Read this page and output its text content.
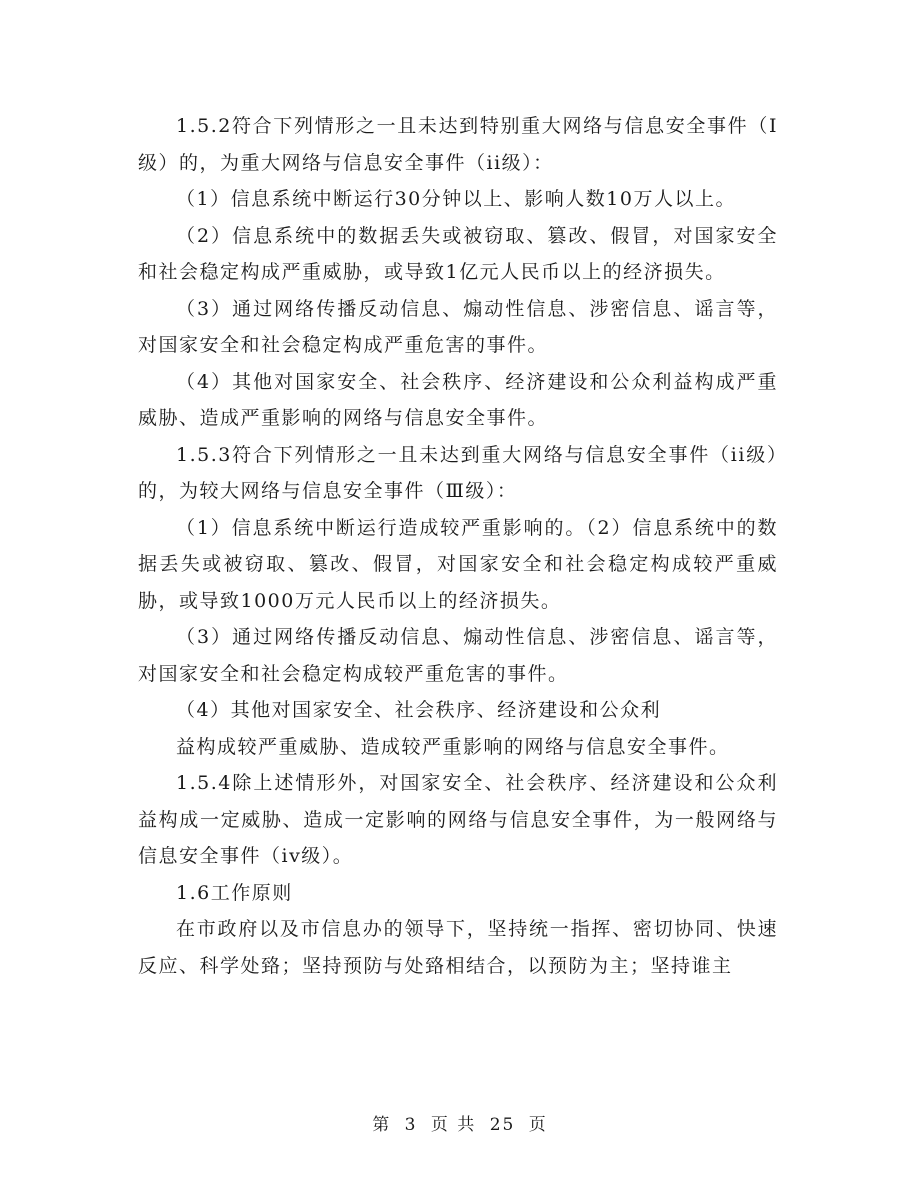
1.5.2符合下列情形之一且未达到特别重大网络与信息安全事件（Ⅰ级）的，为重大网络与信息安全事件（ii级）：

（1）信息系统中断运行30分钟以上、影响人数10万人以上。

（2）信息系统中的数据丢失或被窃取、篡改、假冒，对国家安全和社会稳定构成严重威胁，或导致1亿元人民币以上的经济损失。

（3）通过网络传播反动信息、煽动性信息、涉密信息、谣言等，对国家安全和社会稳定构成严重危害的事件。

（4）其他对国家安全、社会秩序、经济建设和公众利益构成严重威胁、造成严重影响的网络与信息安全事件。

1.5.3符合下列情形之一且未达到重大网络与信息安全事件（ii级）的，为较大网络与信息安全事件（Ⅲ级）：

（1）信息系统中断运行造成较严重影响的。（2）信息系统中的数据丢失或被窃取、篡改、假冒，对国家安全和社会稳定构成较严重威胁，或导致1000万元人民币以上的经济损失。

（3）通过网络传播反动信息、煽动性信息、涉密信息、谣言等，对国家安全和社会稳定构成较严重危害的事件。

（4）其他对国家安全、社会秩序、经济建设和公众利

益构成较严重威胁、造成较严重影响的网络与信息安全事件。

1.5.4除上述情形外，对国家安全、社会秩序、经济建设和公众利益构成一定威胁、造成一定影响的网络与信息安全事件，为一般网络与信息安全事件（iv级）。

1.6工作原则

在市政府以及市信息办的领导下，坚持统一指挥、密切协同、快速反应、科学处臵；坚持预防与处臵相结合，以预防为主；坚持谁主

第 3 页 共 25 页
